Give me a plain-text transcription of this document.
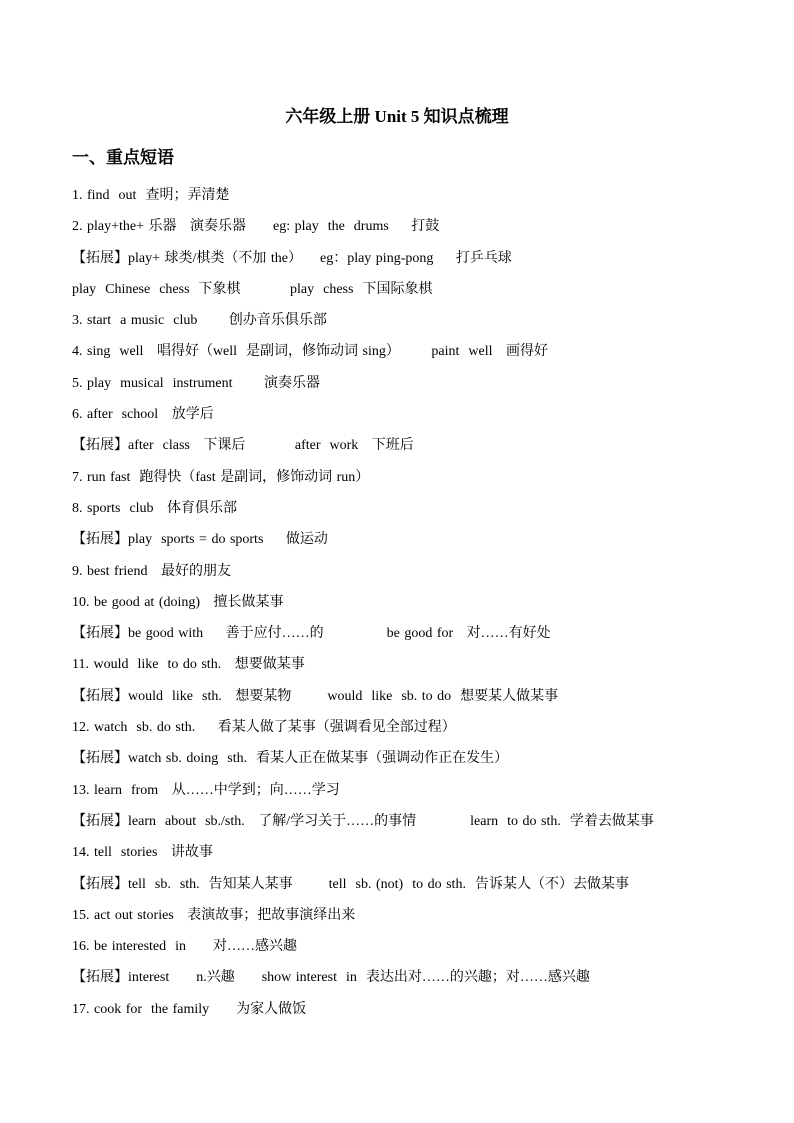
六年级上册 Unit 5 知识点梳理
一、重点短语
1. find  out  查明；弄清楚
2. play+the+ 乐器   演奏乐器      eg: play  the  drums     打鼓
【拓展】play+ 球类/棋类（不加 the）    eg：play ping-pong     打乒乓球
play  Chinese  chess  下象棋           play  chess  下国际象棋
3. start  a music  club       创办音乐俱乐部
4. sing  well   唱得好（well  是副词，修饰动词 sing）       paint  well   画得好
5. play  musical  instrument       演奏乐器
6. after  school   放学后
【拓展】after  class   下课后           after  work   下班后
7. run fast  跑得快（fast 是副词，修饰动词 run）
8. sports  club   体育俱乐部
【拓展】play  sports = do sports     做运动
9. best friend   最好的朋友
10. be good at (doing)   擅长做某事
【拓展】be good with     善于应付……的              be good for   对……有好处
11. would  like  to do sth.   想要做某事
【拓展】would  like  sth.   想要某物        would  like  sb. to do  想要某人做某事
12. watch  sb. do sth.     看某人做了某事（强调看见全部过程）
【拓展】watch sb. doing  sth.  看某人正在做某事（强调动作正在发生）
13. learn  from   从……中学到；向……学习
【拓展】learn  about  sb./sth.   了解/学习关于……的事情            learn  to do sth.  学着去做某事
14. tell  stories   讲故事
【拓展】tell  sb.  sth.  告知某人某事        tell  sb. (not)  to do sth.  告诉某人（不）去做某事
15. act out stories   表演故事；把故事演绎出来
16. be interested  in      对……感兴趣
【拓展】interest      n.兴趣      show interest  in  表达出对……的兴趣；对……感兴趣
17. cook for  the family      为家人做饭
